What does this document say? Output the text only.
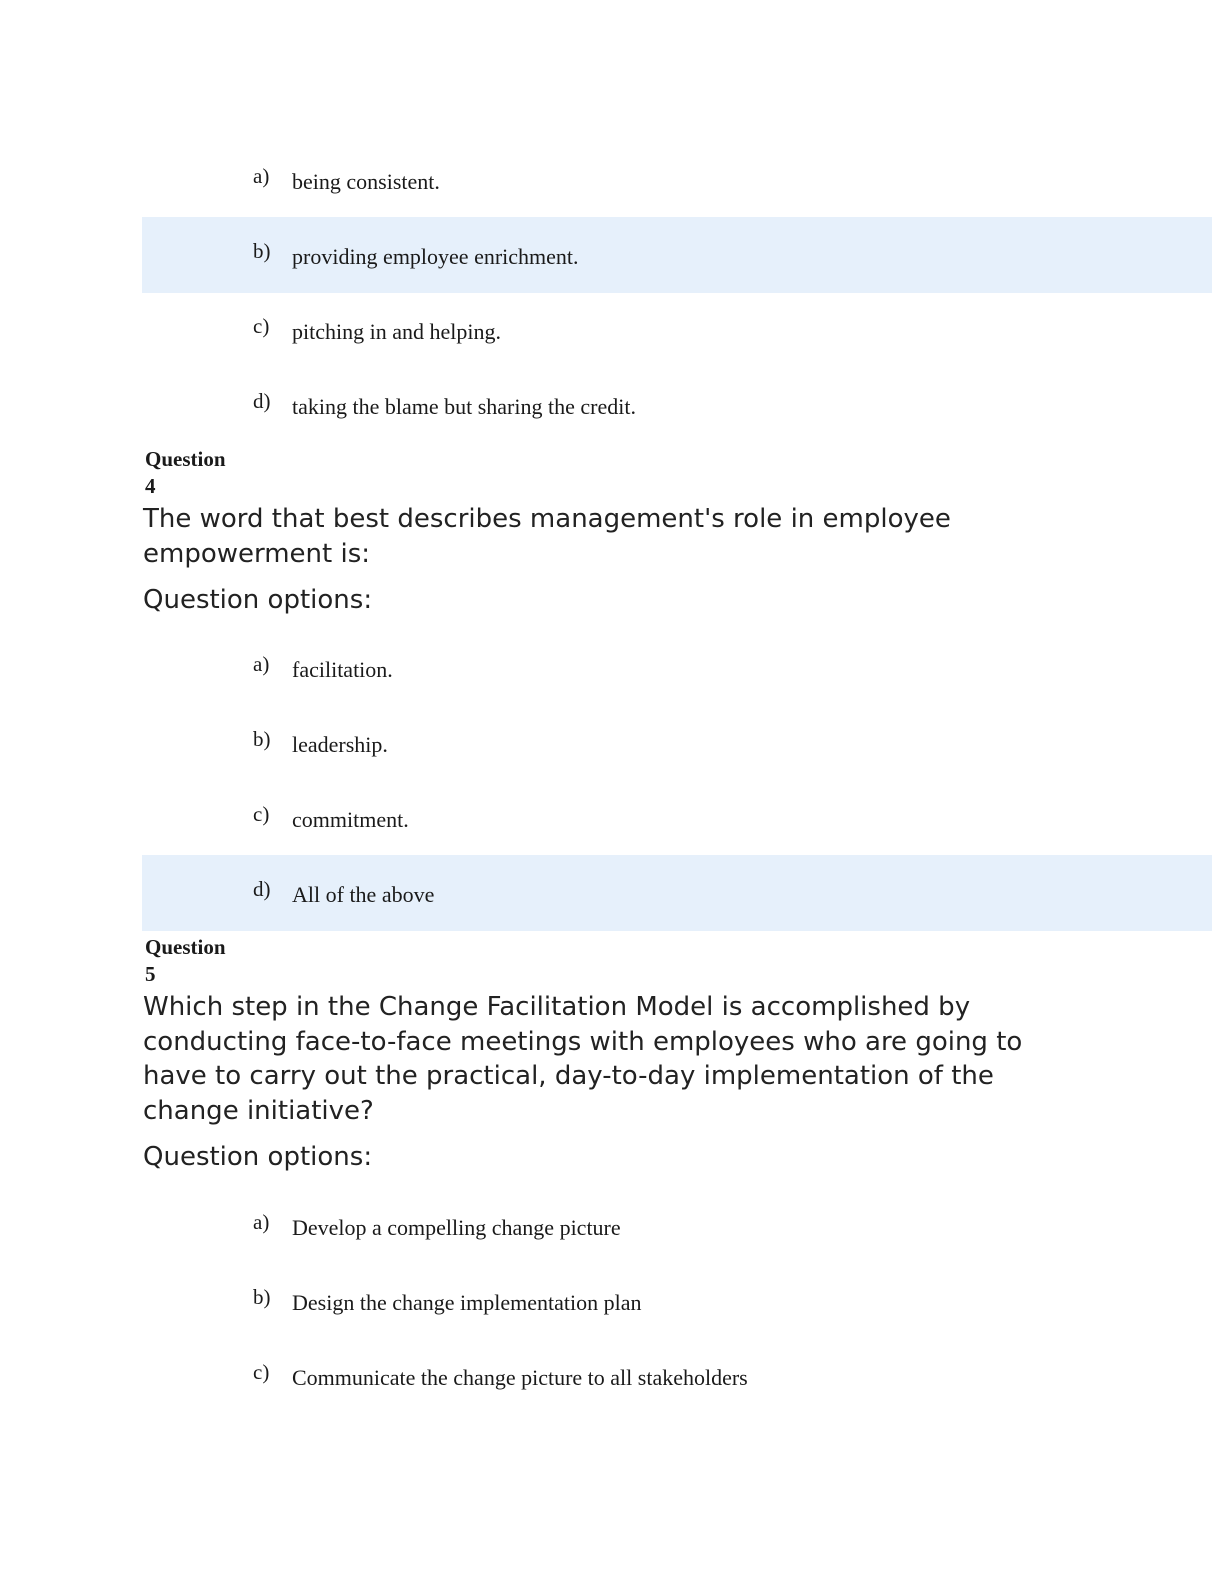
a) being consistent.
b) providing employee enrichment.
c) pitching in and helping.
d) taking the blame but sharing the credit.
Question
4
The word that best describes management's role in employee empowerment is:
Question options:
a) facilitation.
b) leadership.
c) commitment.
d) All of the above
Question
5
Which step in the Change Facilitation Model is accomplished by conducting face-to-face meetings with employees who are going to have to carry out the practical, day-to-day implementation of the change initiative?
Question options:
a) Develop a compelling change picture
b) Design the change implementation plan
c) Communicate the change picture to all stakeholders
